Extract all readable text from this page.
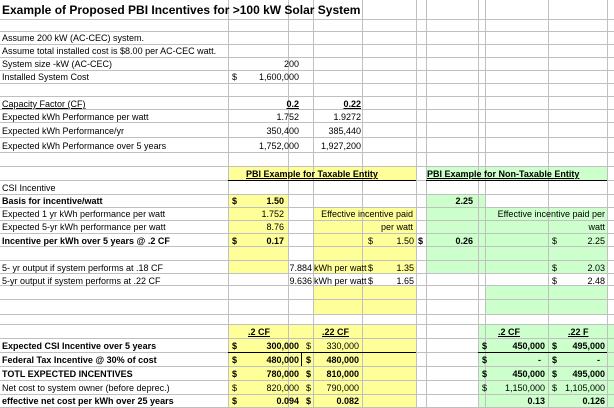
Example of Proposed PBI Incentives for >100 kW Solar System
Assume 200 kW (AC-CEC) system.
Assume total installed cost is $8.00 per AC-CEC watt.
System size -kW (AC-CEC)	200
Installed System Cost	$	1,600,000
Capacity Factor (CF)	0.2	0.22
Expected kWh Performance per watt	1.752	1.9272
Expected kWh Performance/yr	350,400	385,440
Expected kWh Performance over 5 years	1,752,000	1,927,200
PBI Example for Taxable Entity	PBI Example for Non-Taxable Entity
CSI Incentive
Basis for incentive/watt	$	1.50	2.25
Expected 1 yr kWh performance per watt	1.752	Effective incentive paid	Effective incentive paid per
Expected 5-yr kWh performance per watt	8.76	per watt	watt
Incentive per kWh over 5 years @ .2 CF	$	0.17	$	1.50 $	0.26	$	2.25
5- yr output if system performs at .18 CF	7.884 kWh per watt $	1.35	$	2.03
5-yr output if system performs at .22 CF	9.636 kWh per watt $	1.65	$	2.48
.2 CF	.22 CF	.2 CF	.22 F
Expected CSI Incentive over 5 years	$	300,000 $	330,000	$	450,000 $	495,000
Federal Tax Incentive @ 30% of cost	$	480,000 $	480,000	$	- $	-
TOTL EXPECTED INCENTIVES	$	780,000 $	810,000	$	450,000 $	495,000
Net cost to system owner (before deprec.)	$	820,000 $	790,000	$	1,150,000 $ 1,105,000
effective net cost per kWh over 25 years	$	0.094 $	0.082	0.13	0.126
